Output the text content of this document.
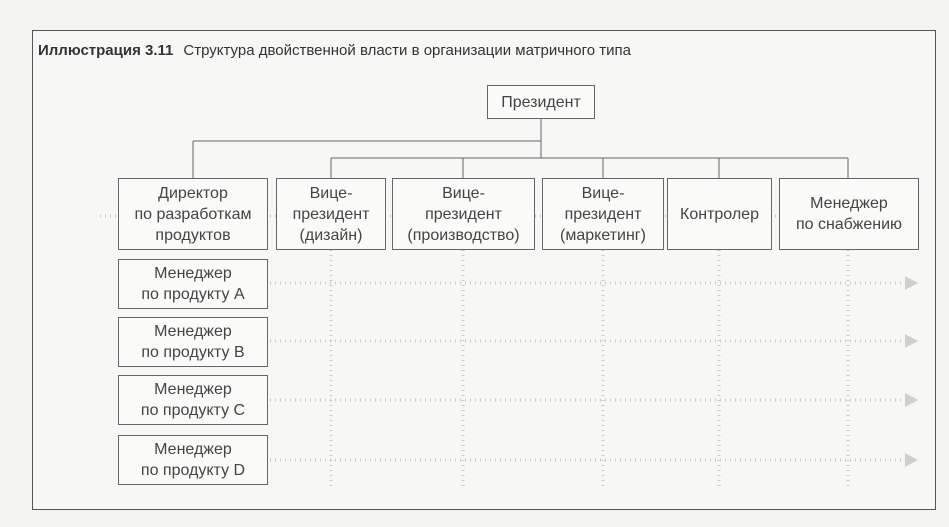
Иллюстрация 3.11 Структура двойственной власти в организации матричного типа
Президент
Директор
по разработкам
продуктов
Вице-
президент
(дизайн)
Вице-
президент
(производство)
Вице-
президент
(маркетинг)
Контролер
Менеджер
по снабжению
Менеджер
по продукту A
Менеджер
по продукту B
Менеджер
по продукту C
Менеджер
по продукту D
